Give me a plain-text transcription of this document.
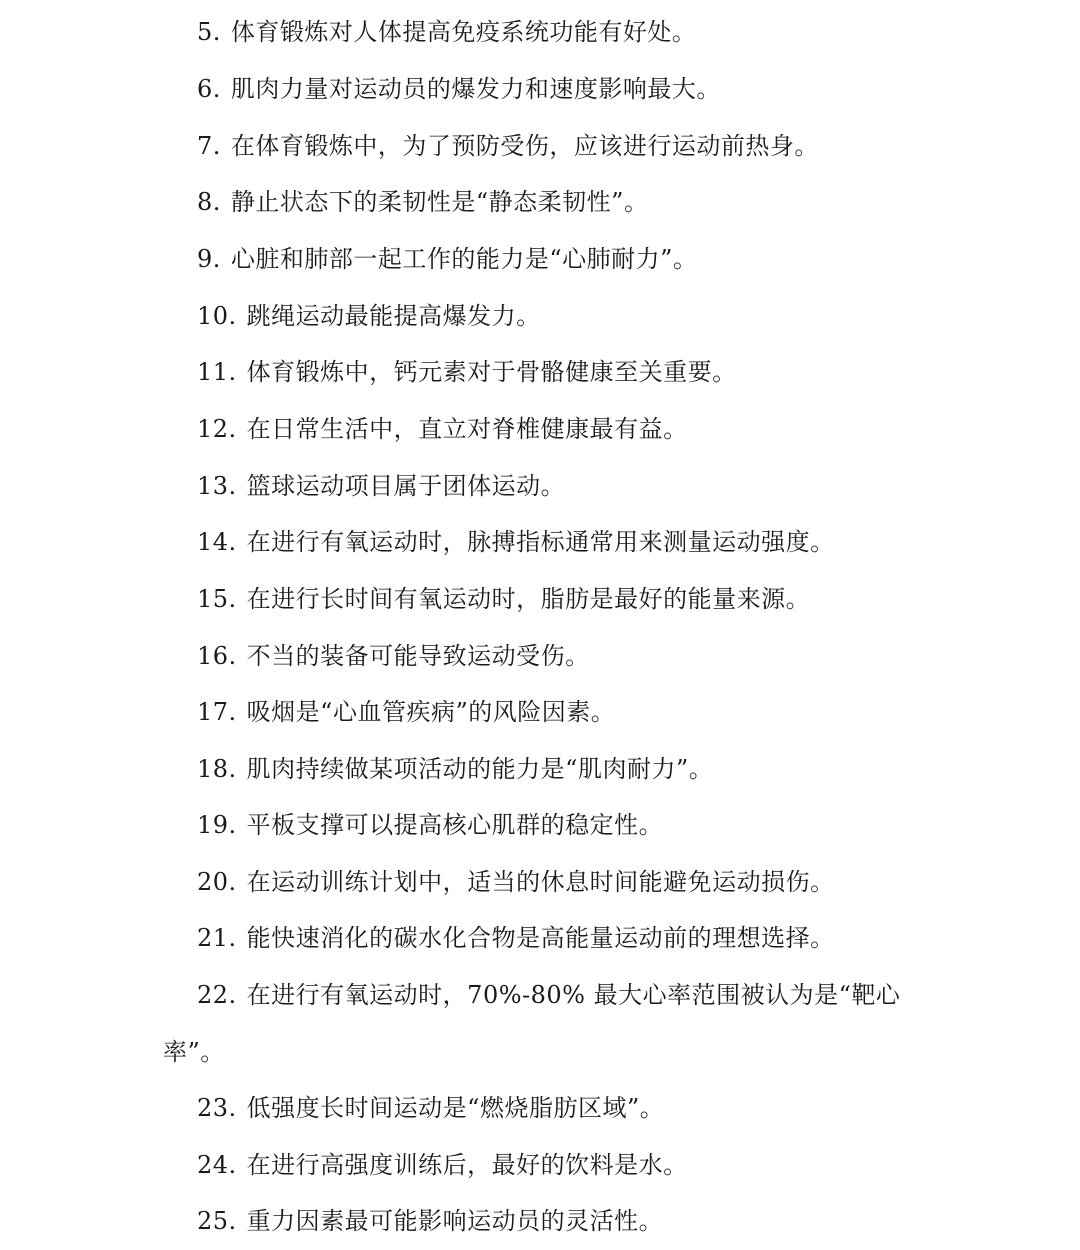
5. 体育锻炼对人体提高免疫系统功能有好处。
6. 肌肉力量对运动员的爆发力和速度影响最大。
7. 在体育锻炼中，为了预防受伤，应该进行运动前热身。
8. 静止状态下的柔韧性是“静态柔韧性”。
9. 心脏和肺部一起工作的能力是“心肺耐力”。
10. 跳绳运动最能提高爆发力。
11. 体育锻炼中，钙元素对于骨骼健康至关重要。
12. 在日常生活中，直立对脊椎健康最有益。
13. 篮球运动项目属于团体运动。
14. 在进行有氧运动时，脉搏指标通常用来测量运动强度。
15. 在进行长时间有氧运动时，脂肪是最好的能量来源。
16. 不当的装备可能导致运动受伤。
17. 吸烟是“心血管疾病”的风险因素。
18. 肌肉持续做某项活动的能力是“肌肉耐力”。
19. 平板支撑可以提高核心肌群的稳定性。
20. 在运动训练计划中，适当的休息时间能避免运动损伤。
21. 能快速消化的碳水化合物是高能量运动前的理想选择。
22. 在进行有氧运动时，70%-80% 最大心率范围被认为是“靶心
率”。
23. 低强度长时间运动是“燃烧脂肪区域”。
24. 在进行高强度训练后，最好的饮料是水。
25. 重力因素最可能影响运动员的灵活性。
